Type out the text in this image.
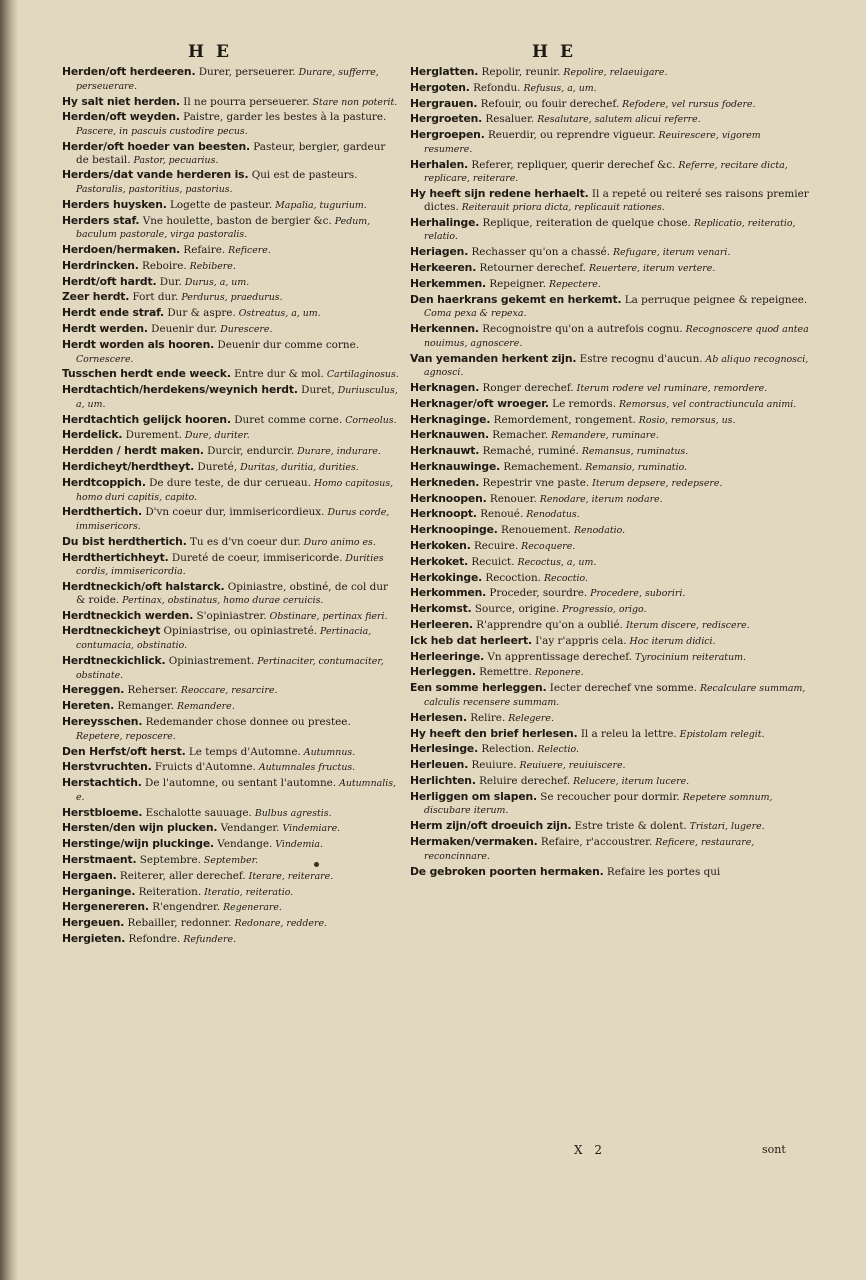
H E	H E
Herden/oft herdeeren. Durer, perseuerer. Durare, sufferre, perseuerare.
Hy salt niet herden. Il ne pourra perseuerer. Stare non poterit.
Herden/oft weyden. Paistre, garder les bestes à la pasture. Pascere, in pascuis custodire pecus.
Herder/oft hoeder van beesten. Pasteur, bergier, gardeur de bestail. Pastor, pecuarius.
Herders/dat vande herderen is. Qui est de pasteurs. Pastoralis, pastoritius, pastorius.
Herders huysken. Logette de pasteur. Mapalia, tugurium.
Herders staf. Vne houlette, baston de bergier &c. Pedum, baculum pastorale, virga pastoralis.
Herdoen/hermaken. Refaire. Reficere.
Herdrincken. Reboire. Rebibere.
Herdt/oft hardt. Dur. Durus, a, um.
Zeer herdt. Fort dur. Perdurus, praedurus.
Herdt ende straf. Dur & aspre. Ostreatus, a, um.
Herdt werden. Deuenir dur. Durescere.
Herdt worden als hooren. Deuenir dur comme corne. Cornescere.
Tusschen herdt ende weeck. Entre dur & mol. Cartilaginosus.
Herdtachtich/herdekens/weynich herdt. Duret, Duriusculus, a, um.
Herdtachtich gelijck hooren. Duret comme corne. Corneolus.
Herdelick. Durement. Dure, duriter.
Herdden / herdt maken. Durcir, endurcir. Durare, indurare.
Herdicheyt/herdtheyt. Dureté, Duritas, duritia, durities.
Herdtcoppich. De dure teste, de dur cerueau. Homo capitosus, homo duri capitis, capito.
Herdthertich. D'vn coeur dur, immisericordieux. Durus corde, immisericors.
Du bist herdthertich. Tu es d'vn coeur dur. Duro animo es.
Herdthertichheyt. Dureté de coeur, immisericorde. Durities cordis, immisericordia.
Herdtneckich/oft halstarck. Opiniastre, obstiné, de col dur & roide. Pertinax, obstinatus, homo durae ceruicis.
Herdtneckich werden. S'opiniastrer. Obstinare, pertinax fieri.
Herdtneckicheyt Opiniastrise, ou opiniastreté. Pertinacia, contumacia, obstinatio.
Herdtneckichlick. Opiniastrement. Pertinaciter, contumaciter, obstinate.
Hereggen. Reherser. Reoccare, resarcire.
Hereten. Remanger. Remandere.
Hereysschen. Redemander chose donnee ou prestee. Repetere, reposcere.
Den Herfst/oft herst. Le temps d'Automne. Autumnus.
Herstvruchten. Fruicts d'Automne. Autumnales fructus.
Herstachtich. De l'automne, ou sentant l'automne. Autumnalis, e.
Herstbloeme. Eschalotte sauuage. Bulbus agrestis.
Hersten/den wijn plucken. Vendanger. Vindemiare.
Herstinge/wijn pluckinge. Vendange. Vindemia.
Herstmaent. Septembre. September.
Hergaen. Reiterer, aller derechef. Iterare, reiterare.
Herganinge. Reiteration. Iteratio, reiteratio.
Hergenereren. R'engendrer. Regenerare.
Hergeuen. Rebailler, redonner. Redonare, reddere.
Hergieten. Refondre. Refundere.
Herglatten. Repolir, reunir. Repolire, relaeuigare.
Hergoten. Refondu. Refusus, a, um.
Hergrauen. Refouir, ou fouir derechef. Refodere, vel rursus fodere.
Hergroeten. Resaluer. Resalutare, salutem alicui referre.
Hergroepen. Reuerdir, ou reprendre vigueur. Reuirescere, vigorem resumere.
Herhalen. Referer, repliquer, querir derechef &c. Referre, recitare dicta, replicare, reiterare.
Hy heeft sijn redene herhaelt. Il a repeté ou reiteré ses raisons premier dictes. Reiterauit priora dicta, replicauit rationes.
Herhalinge. Replique, reiteration de quelque chose. Replicatio, reiteratio, relatio.
Heriagen. Rechasser qu'on a chassé. Refugare, iterum venari.
Herkeeren. Retourner derechef. Reuertere, iterum vertere.
Herkemmen. Repeigner. Repectere.
Den haerkrans gekemt en herkemt. La perruque peignee & repeignee. Coma pexa & repexa.
Herkennen. Recognoistre qu'on a autrefois cognu. Recognoscere quod antea nouimus, agnoscere.
Van yemanden herkent zijn. Estre recognu d'aucun. Ab aliquo recognosci, agnosci.
Herknagen. Ronger derechef. Iterum rodere vel ruminare, remordere.
Herknager/oft wroeger. Le remords. Remorsus, vel contractiuncula animi.
Herknaginge. Remordement, rongement. Rosio, remorsus, us.
Herknauwen. Remacher. Remandere, ruminare.
Herknauwt. Remaché, ruminé. Remansus, ruminatus.
Herknauwinge. Remachement. Remansio, ruminatio.
Herkneden. Repestrir vne paste. Iterum depsere, redepsere.
Herknoopen. Renouer. Renodare, iterum nodare.
Herknoopt. Renoué. Renodatus.
Herknoopinge. Renouement. Renodatio.
Herkoken. Recuire. Recoquere.
Herkoket. Recuict. Recoctus, a, um.
Herkokinge. Recoction. Recoctio.
Herkommen. Proceder, sourdre. Procedere, suboriri.
Herkomst. Source, origine. Progressio, origo.
Herleeren. R'apprendre qu'on a oublié. Iterum discere, rediscere.
Ick heb dat herleert. I'ay r'appris cela. Hoc iterum didici.
Herleeringe. Vn apprentissage derechef. Tyrocinium reiteratum.
Herleggen. Remettre. Reponere.
Een somme herleggen. Iecter derechef vne somme. Recalculare summam, calculis recensere summam.
Herlesen. Relire. Relegere.
Hy heeft den brief herlesen. Il a releu la lettre. Epistolam relegit.
Herlesinge. Relection. Relectio.
Herleuen. Reuiure. Reuiuere, reuiuiscere.
Herlichten. Reluire derechef. Relucere, iterum lucere.
Herliggen om slapen. Se recoucher pour dormir. Repetere somnum, discubare iterum.
Herm zijn/oft droeuich zijn. Estre triste & dolent. Tristari, lugere.
Hermaken/vermaken. Refaire, r'accoustrer. Reficere, restaurare, reconcinnare.
De gebroken poorten hermaken. Refaire les portes qui
X 2	sont
